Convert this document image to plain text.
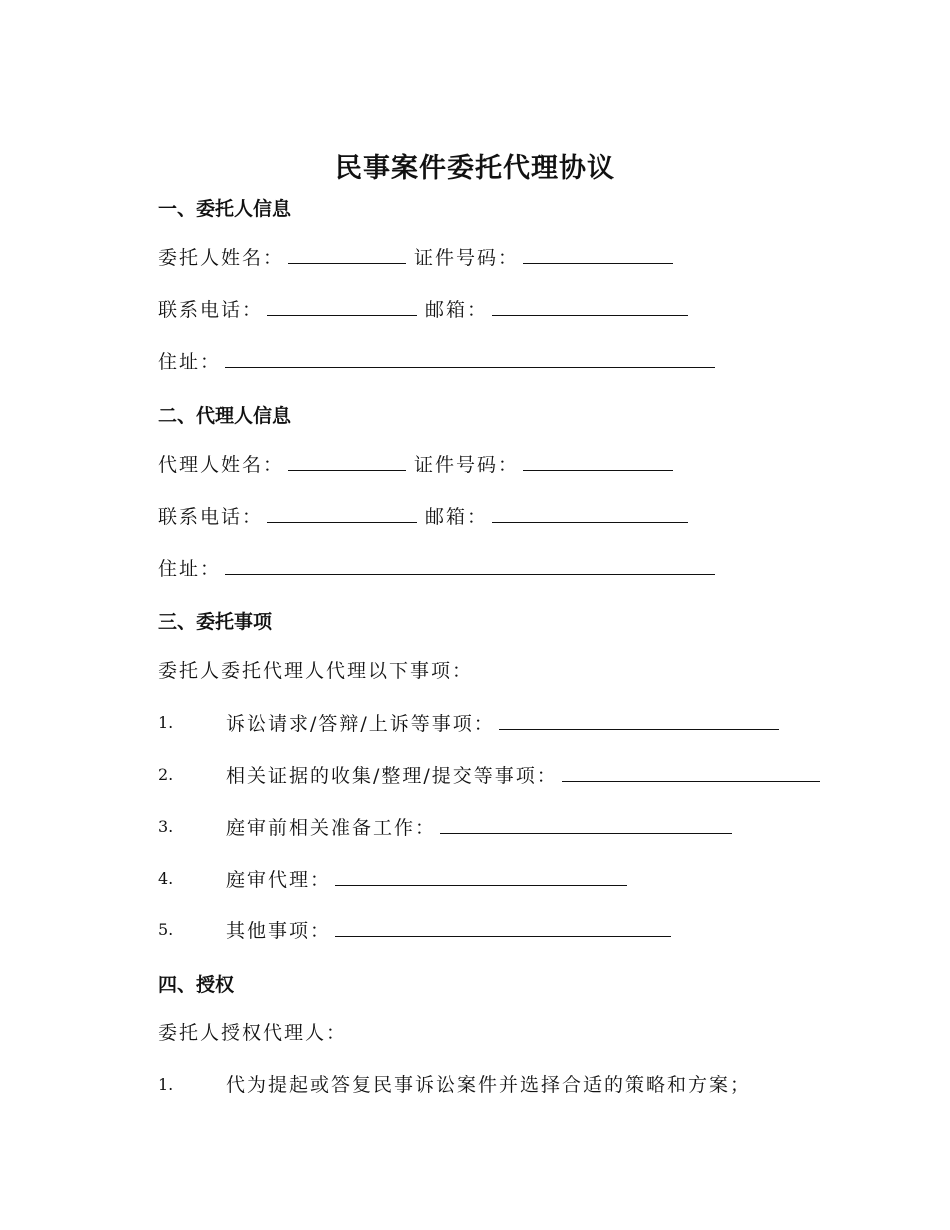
民事案件委托代理协议
一、委托人信息
委托人姓名：	证件号码：
联系电话：	邮箱：
住址：
二、代理人信息
代理人姓名：	证件号码：
联系电话：	邮箱：
住址：
三、委托事项
委托人委托代理人代理以下事项：
1.	诉讼请求/答辩/上诉等事项：
2.	相关证据的收集/整理/提交等事项：
3.	庭审前相关准备工作：
4.	庭审代理：
5.	其他事项：
四、授权
委托人授权代理人：
1.	代为提起或答复民事诉讼案件并选择合适的策略和方案；
